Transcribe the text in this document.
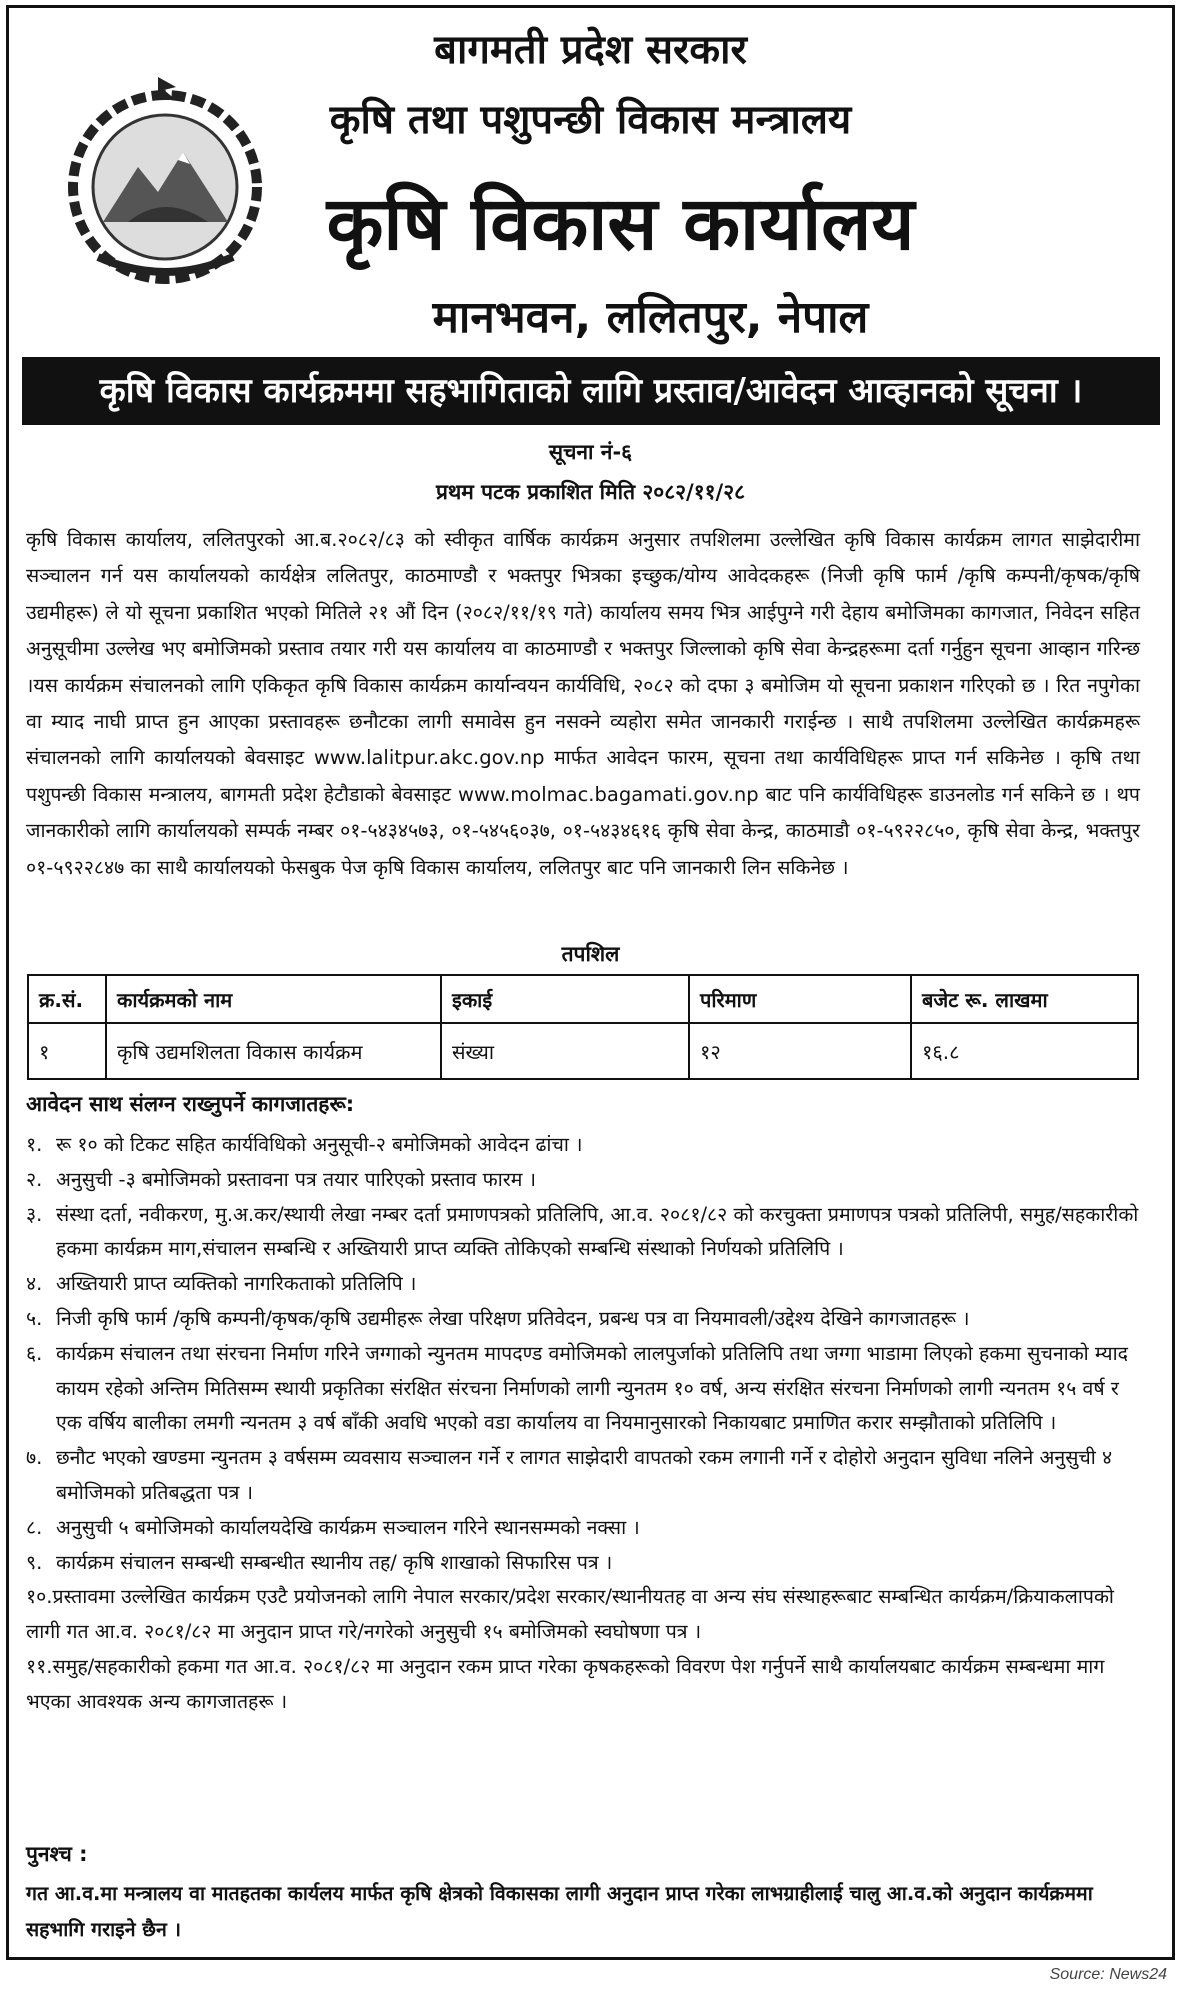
बागमती प्रदेश सरकार
कृषि तथा पशुपन्छी विकास मन्त्रालय
कृषि विकास कार्यालय
मानभवन, ललितपुर, नेपाल
कृषि विकास कार्यक्रममा सहभागिताको लागि प्रस्ताव/आवेदन आव्हानको सूचना ।
सूचना नं-६
प्रथम पटक प्रकाशित मिति २०८२/११/२८
कृषि विकास कार्यालय, ललितपुरको आ.ब.२०८२/८३ को स्वीकृत वार्षिक कार्यक्रम अनुसार तपशिलमा उल्लेखित कृषि विकास कार्यक्रम लागत साझेदारीमा सञ्चालन गर्न यस कार्यालयको कार्यक्षेत्र ललितपुर, काठमाण्डौ र भक्तपुर भित्रका इच्छुक/योग्य आवेदकहरू (निजी कृषि फार्म /कृषि कम्पनी/कृषक/कृषि उद्यमीहरू) ले यो सूचना प्रकाशित भएको मितिले २१ औं दिन (२०८२/११/१९ गते) कार्यालय समय भित्र आईपुग्ने गरी देहाय बमोजिमका कागजात, निवेदन सहित अनुसूचीमा उल्लेख भए बमोजिमको प्रस्ताव तयार गरी यस कार्यालय वा काठमाण्डौ र भक्तपुर जिल्लाको कृषि सेवा केन्द्रहरूमा दर्ता गर्नुहुन सूचना आव्हान गरिन्छ ।यस कार्यक्रम संचालनको लागि एकिकृत कृषि विकास कार्यक्रम कार्यान्वयन कार्यविधि, २०८२ को दफा ३ बमोजिम यो सूचना प्रकाशन गरिएको छ । रित नपुगेका वा म्याद नाघी प्राप्त हुन आएका प्रस्तावहरू छनौटका लागी समावेस हुन नसक्ने व्यहोरा समेत जानकारी गराईन्छ । साथै तपशिलमा उल्लेखित कार्यक्रमहरू संचालनको लागि कार्यालयको बेवसाइट www.lalitpur.akc.gov.np मार्फत आवेदन फारम, सूचना तथा कार्यविधिहरू प्राप्त गर्न सकिनेछ । कृषि तथा पशुपन्छी विकास मन्त्रालय, बागमती प्रदेश हेटौडाको बेवसाइट www.molmac.bagamati.gov.np बाट पनि कार्यविधिहरू डाउनलोड गर्न सकिने छ । थप जानकारीको लागि कार्यालयको सम्पर्क नम्बर ०१-५४३४५७३, ०१-५४५६०३७, ०१-५४३४६१६ कृषि सेवा केन्द्र, काठमाडौ ०१-५९२२८५०, कृषि सेवा केन्द्र, भक्तपुर ०१-५९२२८४७ का साथै कार्यालयको फेसबुक पेज कृषि विकास कार्यालय, ललितपुर बाट पनि जानकारी लिन सकिनेछ ।
तपशिल
क्र.सं.	कार्यक्रमको नाम	इकाई	परिमाण	बजेट रू. लाखमा
१	कृषि उद्यमशिलता विकास कार्यक्रम	संख्या	१२	१६.८
आवेदन साथ संलग्न राख्नुपर्ने कागजातहरू:
१. रू १० को टिकट सहित कार्यविधिको अनुसूची-२ बमोजिमको आवेदन ढांचा ।
२. अनुसुची -३ बमोजिमको प्रस्तावना पत्र तयार पारिएको प्रस्ताव फारम ।
३. संस्था दर्ता, नवीकरण, मु.अ.कर/स्थायी लेखा नम्बर दर्ता प्रमाणपत्रको प्रतिलिपि, आ.व. २०८१/८२ को करचुक्ता प्रमाणपत्र पत्रको प्रतिलिपी, समुह/सहकारीको हकमा कार्यक्रम माग,संचालन सम्बन्धि र अख्तियारी प्राप्त व्यक्ति तोकिएको सम्बन्धि संस्थाको निर्णयको प्रतिलिपि ।
४. अख्तियारी प्राप्त व्यक्तिको नागरिकताको प्रतिलिपि ।
५. निजी कृषि फार्म /कृषि कम्पनी/कृषक/कृषि उद्यमीहरू लेखा परिक्षण प्रतिवेदन, प्रबन्ध पत्र वा नियमावली/उद्देश्य देखिने कागजातहरू ।
६. कार्यक्रम संचालन तथा संरचना निर्माण गरिने जग्गाको न्युनतम मापदण्ड वमोजिमको लालपुर्जाको प्रतिलिपि तथा जग्गा भाडामा लिएको हकमा सुचनाको म्याद कायम रहेको अन्तिम मितिसम्म स्थायी प्रकृतिका संरक्षित संरचना निर्माणको लागी न्युनतम १० वर्ष, अन्य संरक्षित संरचना निर्माणको लागी न्यनतम १५ वर्ष र एक वर्षिय बालीका लमगी न्यनतम ३ वर्ष बाँकी अवधि भएको वडा कार्यालय वा नियमानुसारको निकायबाट प्रमाणित करार सम्झौताको प्रतिलिपि ।
७. छनौट भएको खण्डमा न्युनतम ३ वर्षसम्म व्यवसाय सञ्चालन गर्ने र लागत साझेदारी वापतको रकम लगानी गर्ने र दोहोरो अनुदान सुविधा नलिने अनुसुची ४ बमोजिमको प्रतिबद्धता पत्र ।
८. अनुसुची ५ बमोजिमको कार्यालयदेखि कार्यक्रम सञ्चालन गरिने स्थानसम्मको नक्सा ।
९. कार्यक्रम संचालन सम्बन्धी सम्बन्धीत स्थानीय तह/ कृषि शाखाको सिफारिस पत्र ।
१०.प्रस्तावमा उल्लेखित कार्यक्रम एउटै प्रयोजनको लागि नेपाल सरकार/प्रदेश सरकार/स्थानीयतह वा अन्य संघ संस्थाहरूबाट सम्बन्धित कार्यक्रम/क्रियाकलापको लागी गत आ.व. २०८१/८२ मा अनुदान प्राप्त गरे/नगरेको अनुसुची १५ बमोजिमको स्वघोषणा पत्र ।
११.समुह/सहकारीको हकमा गत आ.व. २०८१/८२ मा अनुदान रकम प्राप्त गरेका कृषकहरूको विवरण पेश गर्नुपर्ने साथै कार्यालयबाट कार्यक्रम सम्बन्धमा माग भएका आवश्यक अन्य कागजातहरू ।
पुनश्च :
गत आ.व.मा मन्त्रालय वा मातहतका कार्यलय मार्फत कृषि क्षेत्रको विकासका लागी अनुदान प्राप्त गरेका लाभग्राहीलाई चालु आ.व.को अनुदान कार्यक्रममा सहभागि गराइने छैन ।
Source: News24
